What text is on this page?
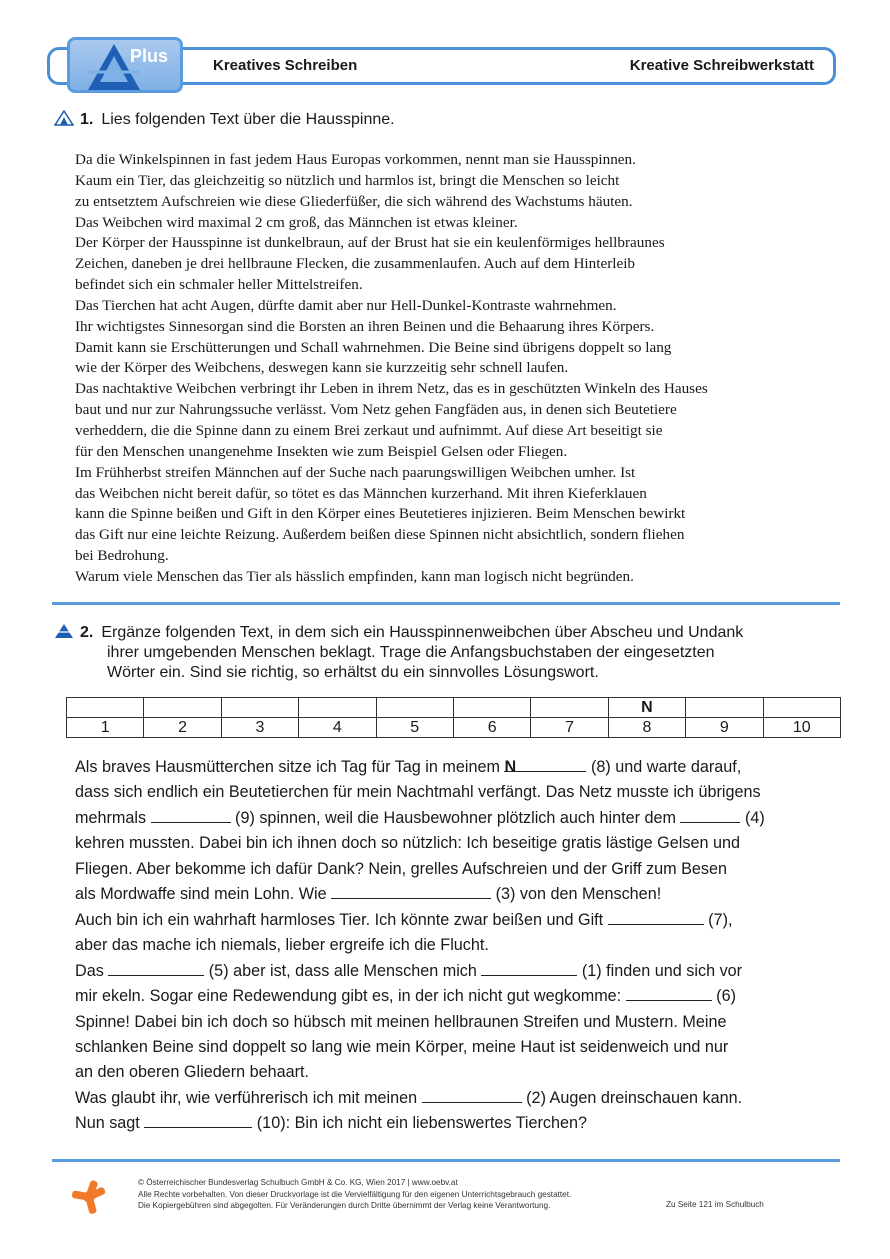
Plus	Kreatives Schreiben	Kreative Schreibwerkstatt
1. Lies folgenden Text über die Hausspinne.
Da die Winkelspinnen in fast jedem Haus Europas vorkommen, nennt man sie Hausspinnen.
Kaum ein Tier, das gleichzeitig so nützlich und harmlos ist, bringt die Menschen so leicht
zu entsetztem Aufschreien wie diese Gliederfüßer, die sich während des Wachstums häuten.
Das Weibchen wird maximal 2 cm groß, das Männchen ist etwas kleiner.
Der Körper der Hausspinne ist dunkelbraun, auf der Brust hat sie ein keulenförmiges hellbraunes
Zeichen, daneben je drei hellbraune Flecken, die zusammenlaufen. Auch auf dem Hinterleib
befindet sich ein schmaler heller Mittelstreifen.
Das Tierchen hat acht Augen, dürfte damit aber nur Hell-Dunkel-Kontraste wahrnehmen.
Ihr wichtigstes Sinnesorgan sind die Borsten an ihren Beinen und die Behaarung ihres Körpers.
Damit kann sie Erschütterungen und Schall wahrnehmen. Die Beine sind übrigens doppelt so lang
wie der Körper des Weibchens, deswegen kann sie kurzzeitig sehr schnell laufen.
Das nachtaktive Weibchen verbringt ihr Leben in ihrem Netz, das es in geschützten Winkeln des Hauses
baut und nur zur Nahrungssuche verlässt. Vom Netz gehen Fangfäden aus, in denen sich Beutetiere
verheddern, die die Spinne dann zu einem Brei zerkaut und aufnimmt. Auf diese Art beseitigt sie
für den Menschen unangenehme Insekten wie zum Beispiel Gelsen oder Fliegen.
Im Frühherbst streifen Männchen auf der Suche nach paarungswilligen Weibchen umher. Ist
das Weibchen nicht bereit dafür, so tötet es das Männchen kurzerhand. Mit ihren Kieferklauen
kann die Spinne beißen und Gift in den Körper eines Beutetieres injizieren. Beim Menschen bewirkt
das Gift nur eine leichte Reizung. Außerdem beißen diese Spinnen nicht absichtlich, sondern fliehen
bei Bedrohung.
Warum viele Menschen das Tier als hässlich empfinden, kann man logisch nicht begründen.
2. Ergänze folgenden Text, in dem sich ein Hausspinnenweibchen über Abscheu und Undank
ihrer umgebenden Menschen beklagt. Trage die Anfangsbuchstaben der eingesetzten
Wörter ein. Sind sie richtig, so erhältst du ein sinnvolles Lösungswort.
							N		
1	2	3	4	5	6	7	8	9	10
Als braves Hausmütterchen sitze ich Tag für Tag in meinem N	(8) und warte darauf,
dass sich endlich ein Beutetierchen für mein Nachtmahl verfängt. Das Netz musste ich übrigens
mehrmals	(9) spinnen, weil die Hausbewohner plötzlich auch hinter dem	(4)
kehren mussten. Dabei bin ich ihnen doch so nützlich: Ich beseitige gratis lästige Gelsen und
Fliegen. Aber bekomme ich dafür Dank? Nein, grelles Aufschreien und der Griff zum Besen
als Mordwaffe sind mein Lohn. Wie	(3) von den Menschen!
Auch bin ich ein wahrhaft harmloses Tier. Ich könnte zwar beißen und Gift	(7),
aber das mache ich niemals, lieber ergreife ich die Flucht.
Das	(5) aber ist, dass alle Menschen mich	(1) finden und sich vor
mir ekeln. Sogar eine Redewendung gibt es, in der ich nicht gut wegkomme:	(6)
Spinne! Dabei bin ich doch so hübsch mit meinen hellbraunen Streifen und Mustern. Meine
schlanken Beine sind doppelt so lang wie mein Körper, meine Haut ist seidenweich und nur
an den oberen Gliedern behaart.
Was glaubt ihr, wie verführerisch ich mit meinen	(2) Augen dreinschauen kann.
Nun sagt	(10): Bin ich nicht ein liebenswertes Tierchen?
© Österreichischer Bundesverlag Schulbuch GmbH & Co. KG, Wien 2017 | www.oebv.at
Alle Rechte vorbehalten. Von dieser Druckvorlage ist die Vervielfältigung für den eigenen Unterrichtsgebrauch gestattet.
Die Kopiergebühren sind abgegolten. Für Veränderungen durch Dritte übernimmt der Verlag keine Verantwortung.	Zu Seite 121 im Schulbuch
